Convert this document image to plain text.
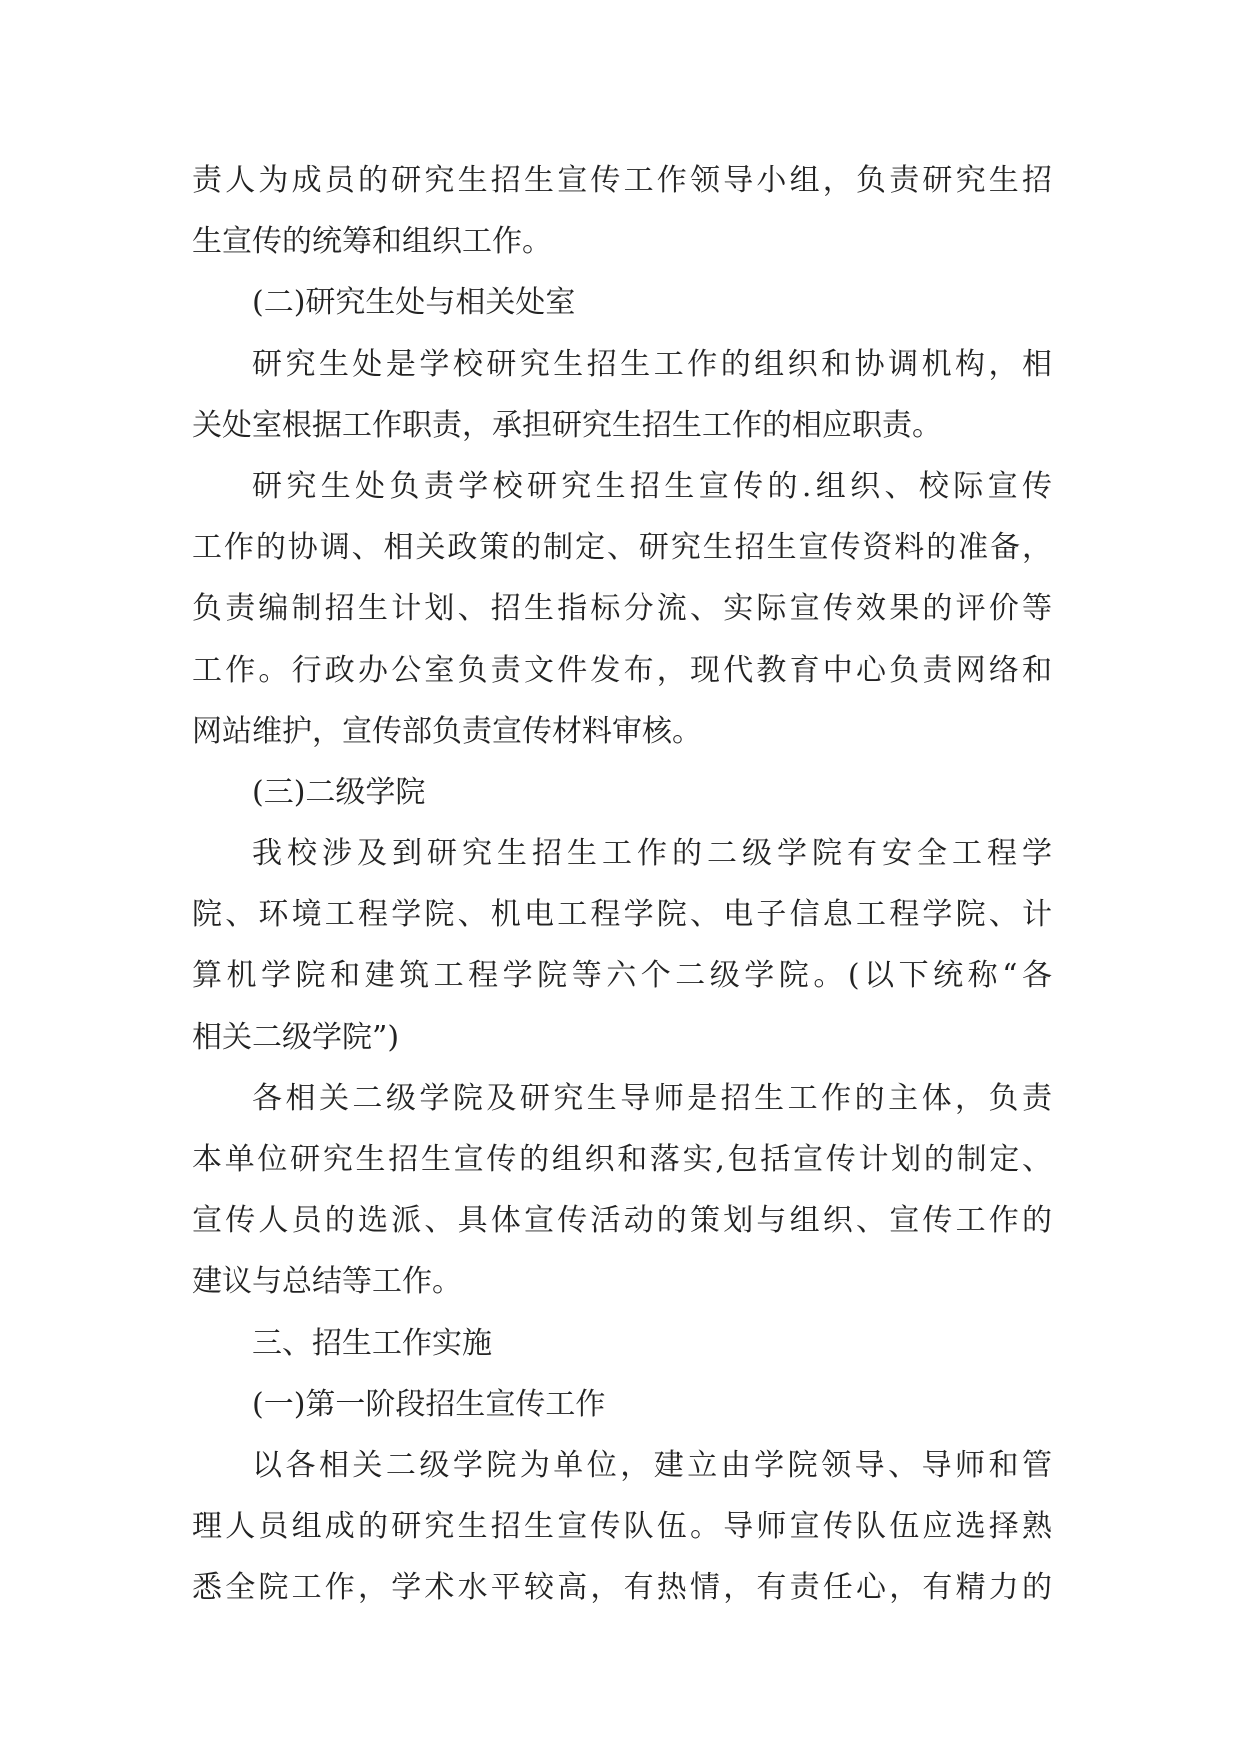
责人为成员的研究生招生宣传工作领导小组，负责研究生招
生宣传的统筹和组织工作。
(二)研究生处与相关处室
研究生处是学校研究生招生工作的组织和协调机构，相
关处室根据工作职责，承担研究生招生工作的相应职责。
研究生处负责学校研究生招生宣传的.组织、校际宣传
工作的协调、相关政策的制定、研究生招生宣传资料的准备，
负责编制招生计划、招生指标分流、实际宣传效果的评价等
工作。行政办公室负责文件发布，现代教育中心负责网络和
网站维护，宣传部负责宣传材料审核。
(三)二级学院
我校涉及到研究生招生工作的二级学院有安全工程学
院、环境工程学院、机电工程学院、电子信息工程学院、计
算机学院和建筑工程学院等六个二级学院。(以下统称“各
相关二级学院”)
各相关二级学院及研究生导师是招生工作的主体，负责
本单位研究生招生宣传的组织和落实,包括宣传计划的制定、
宣传人员的选派、具体宣传活动的策划与组织、宣传工作的
建议与总结等工作。
三、招生工作实施
(一)第一阶段招生宣传工作
以各相关二级学院为单位，建立由学院领导、导师和管
理人员组成的研究生招生宣传队伍。导师宣传队伍应选择熟
悉全院工作，学术水平较高，有热情，有责任心，有精力的
